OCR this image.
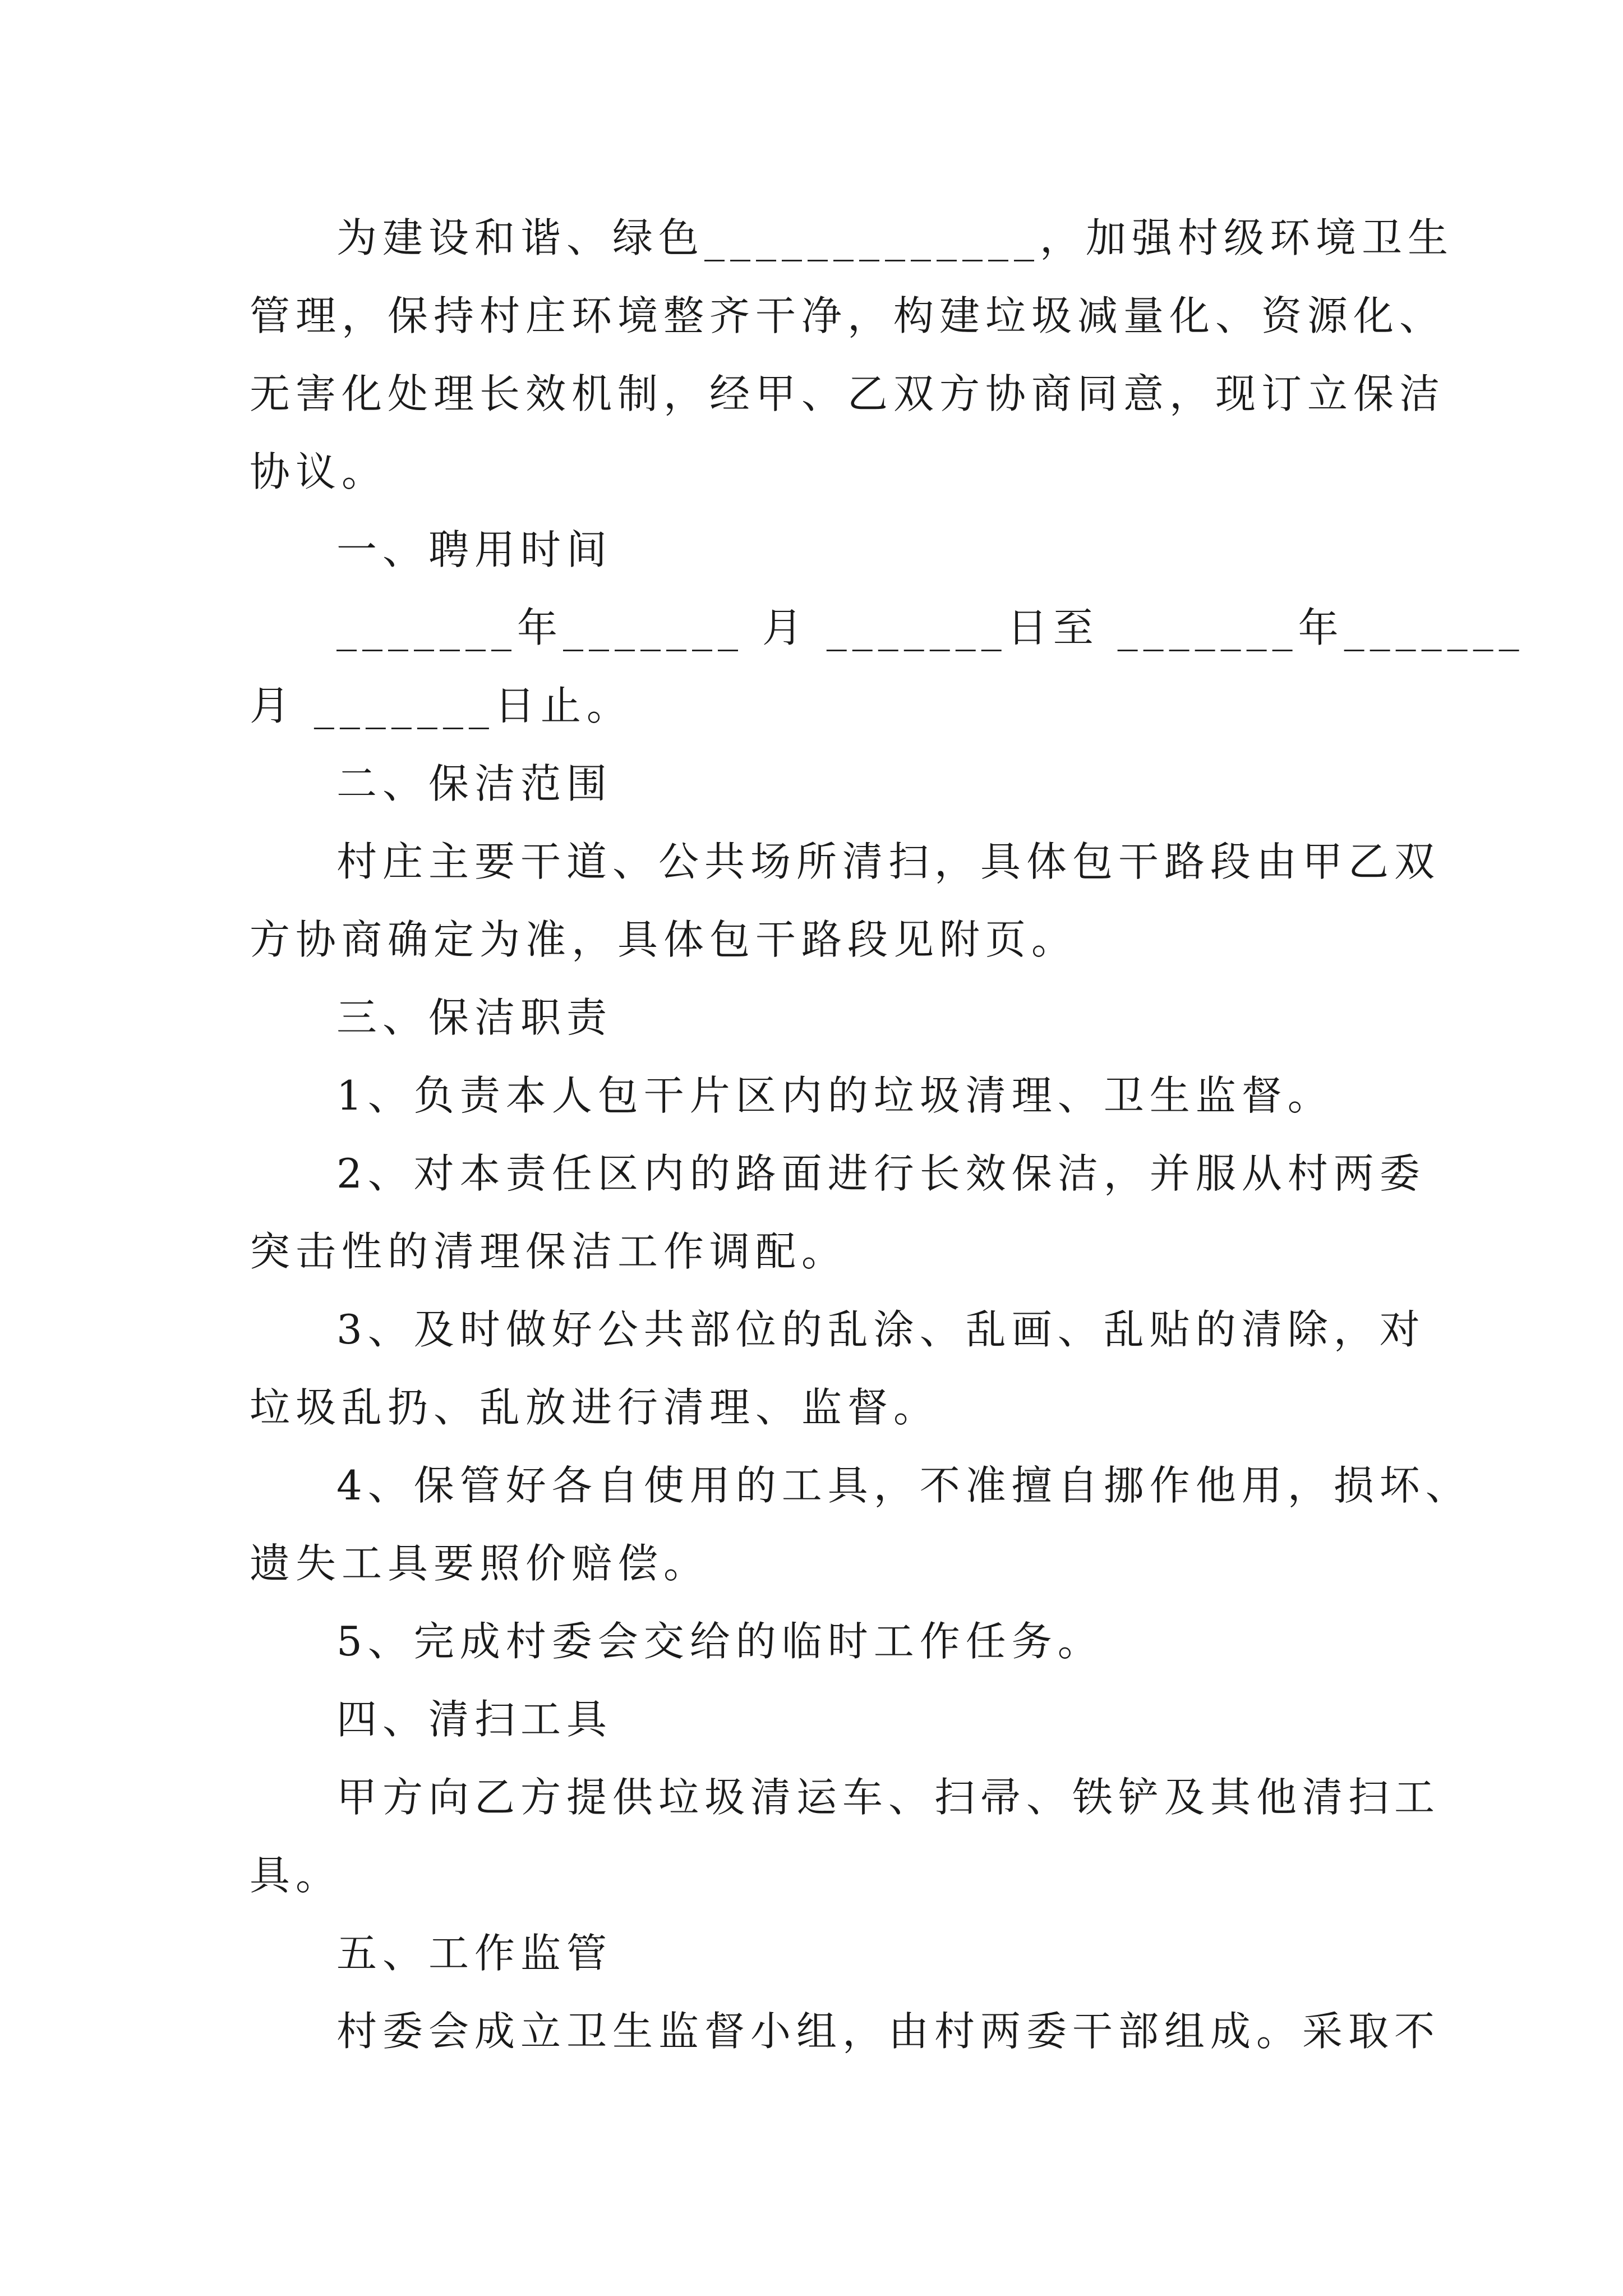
为建设和谐、绿色_____________，加强村级环境卫生
管理，保持村庄环境整齐干净，构建垃圾减量化、资源化、
无害化处理长效机制，经甲、乙双方协商同意，现订立保洁
协议。
一、聘用时间
_______年_______ 月 _______日至 _______年_______
月 _______日止。
二、保洁范围
村庄主要干道、公共场所清扫，具体包干路段由甲乙双
方协商确定为准，具体包干路段见附页。
三、保洁职责
1、负责本人包干片区内的垃圾清理、卫生监督。
2、对本责任区内的路面进行长效保洁，并服从村两委
突击性的清理保洁工作调配。
3、及时做好公共部位的乱涂、乱画、乱贴的清除，对
垃圾乱扔、乱放进行清理、监督。
4、保管好各自使用的工具，不准擅自挪作他用，损坏、
遗失工具要照价赔偿。
5、完成村委会交给的临时工作任务。
四、清扫工具
甲方向乙方提供垃圾清运车、扫帚、铁铲及其他清扫工
具。
五、工作监管
村委会成立卫生监督小组，由村两委干部组成。采取不
